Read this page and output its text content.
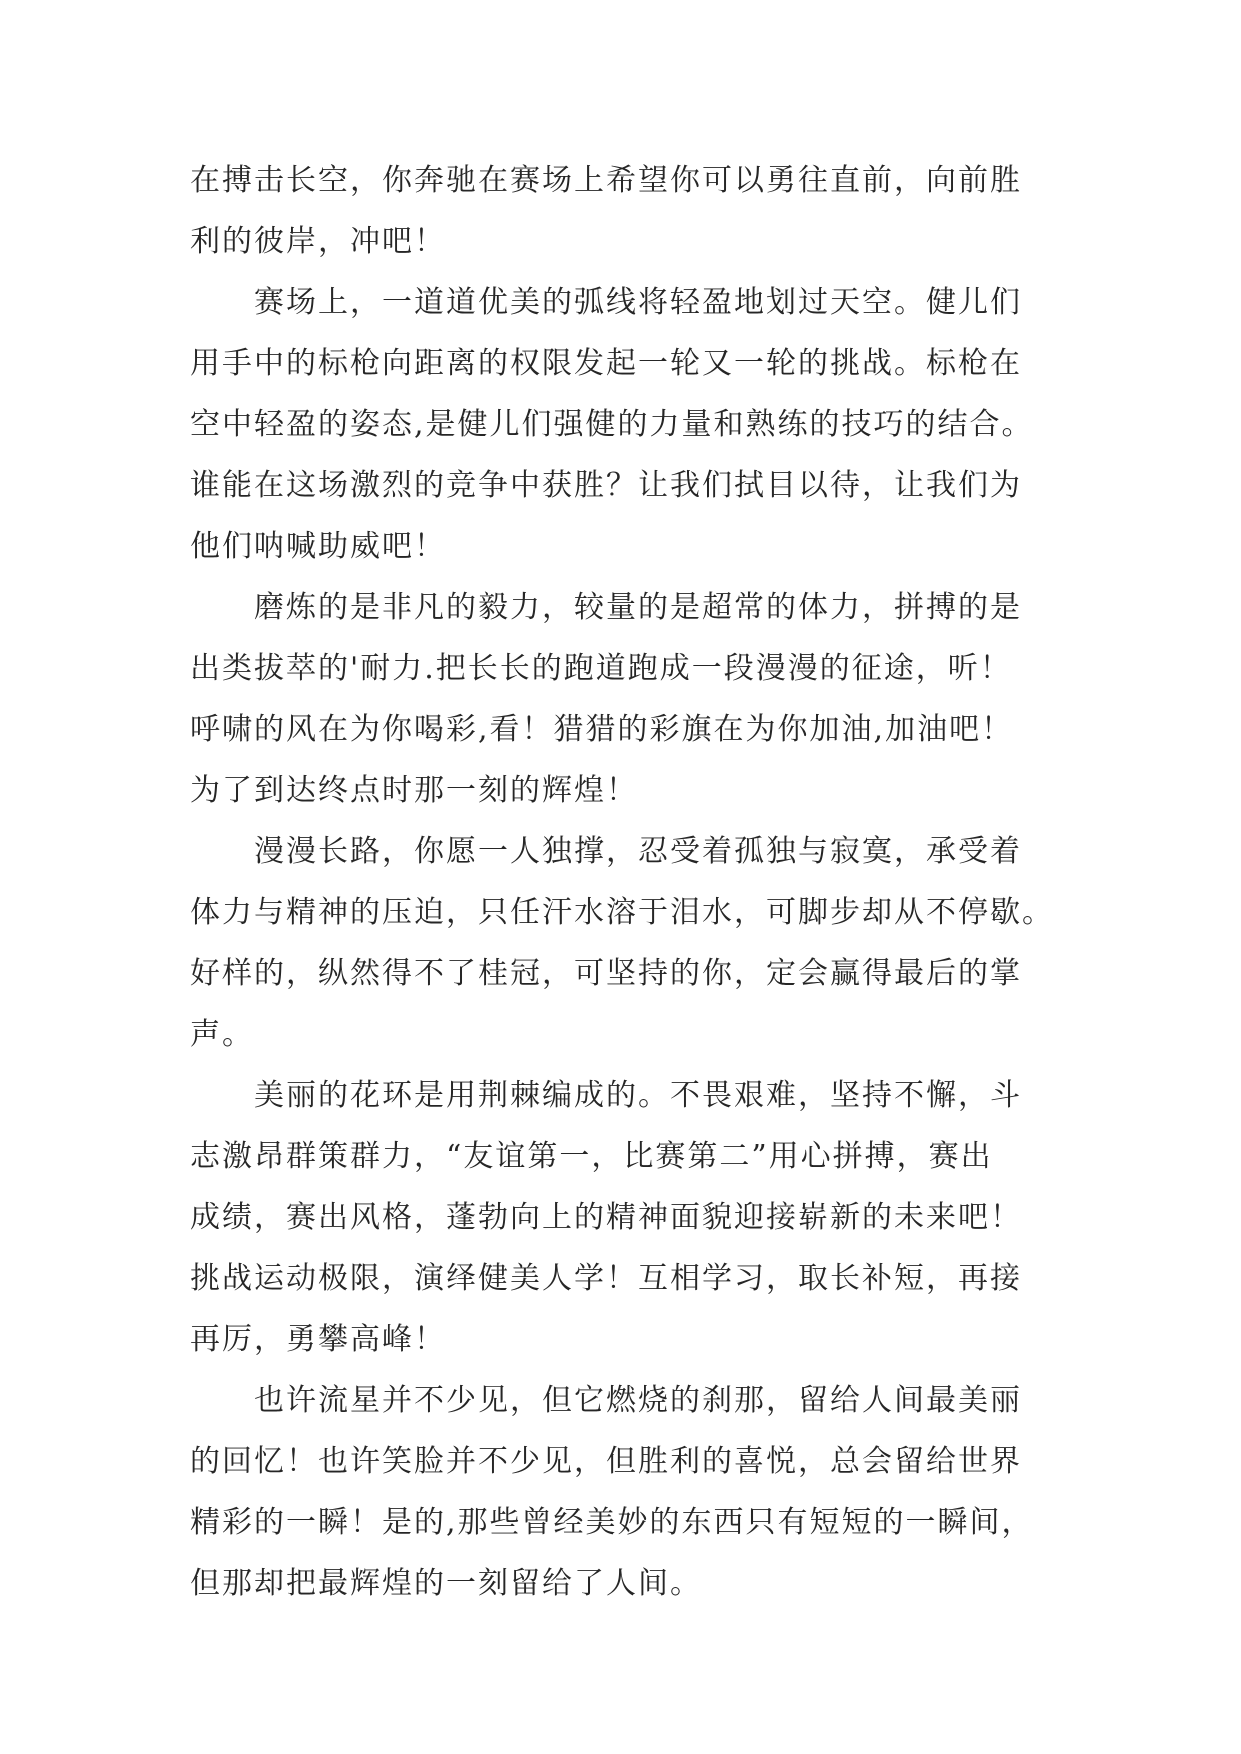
在搏击长空，你奔驰在赛场上希望你可以勇往直前，向前胜
利的彼岸，冲吧！
　　赛场上，一道道优美的弧线将轻盈地划过天空。健儿们
用手中的标枪向距离的权限发起一轮又一轮的挑战。标枪在
空中轻盈的姿态,是健儿们强健的力量和熟练的技巧的结合。
谁能在这场激烈的竞争中获胜？让我们拭目以待，让我们为
他们呐喊助威吧！
　　磨炼的是非凡的毅力，较量的是超常的体力，拼搏的是
出类拔萃的'耐力.把长长的跑道跑成一段漫漫的征途，听！
呼啸的风在为你喝彩,看！猎猎的彩旗在为你加油,加油吧！
为了到达终点时那一刻的辉煌！
　　漫漫长路，你愿一人独撑，忍受着孤独与寂寞，承受着
体力与精神的压迫，只任汗水溶于泪水，可脚步却从不停歇。
好样的，纵然得不了桂冠，可坚持的你，定会赢得最后的掌
声。
　　美丽的花环是用荆棘编成的。不畏艰难，坚持不懈，斗
志激昂群策群力，“友谊第一，比赛第二”用心拼搏，赛出
成绩，赛出风格，蓬勃向上的精神面貌迎接崭新的未来吧！
挑战运动极限，演绎健美人学！互相学习，取长补短，再接
再厉，勇攀高峰！
　　也许流星并不少见，但它燃烧的刹那，留给人间最美丽
的回忆！也许笑脸并不少见，但胜利的喜悦，总会留给世界
精彩的一瞬！是的,那些曾经美妙的东西只有短短的一瞬间，
但那却把最辉煌的一刻留给了人间。
